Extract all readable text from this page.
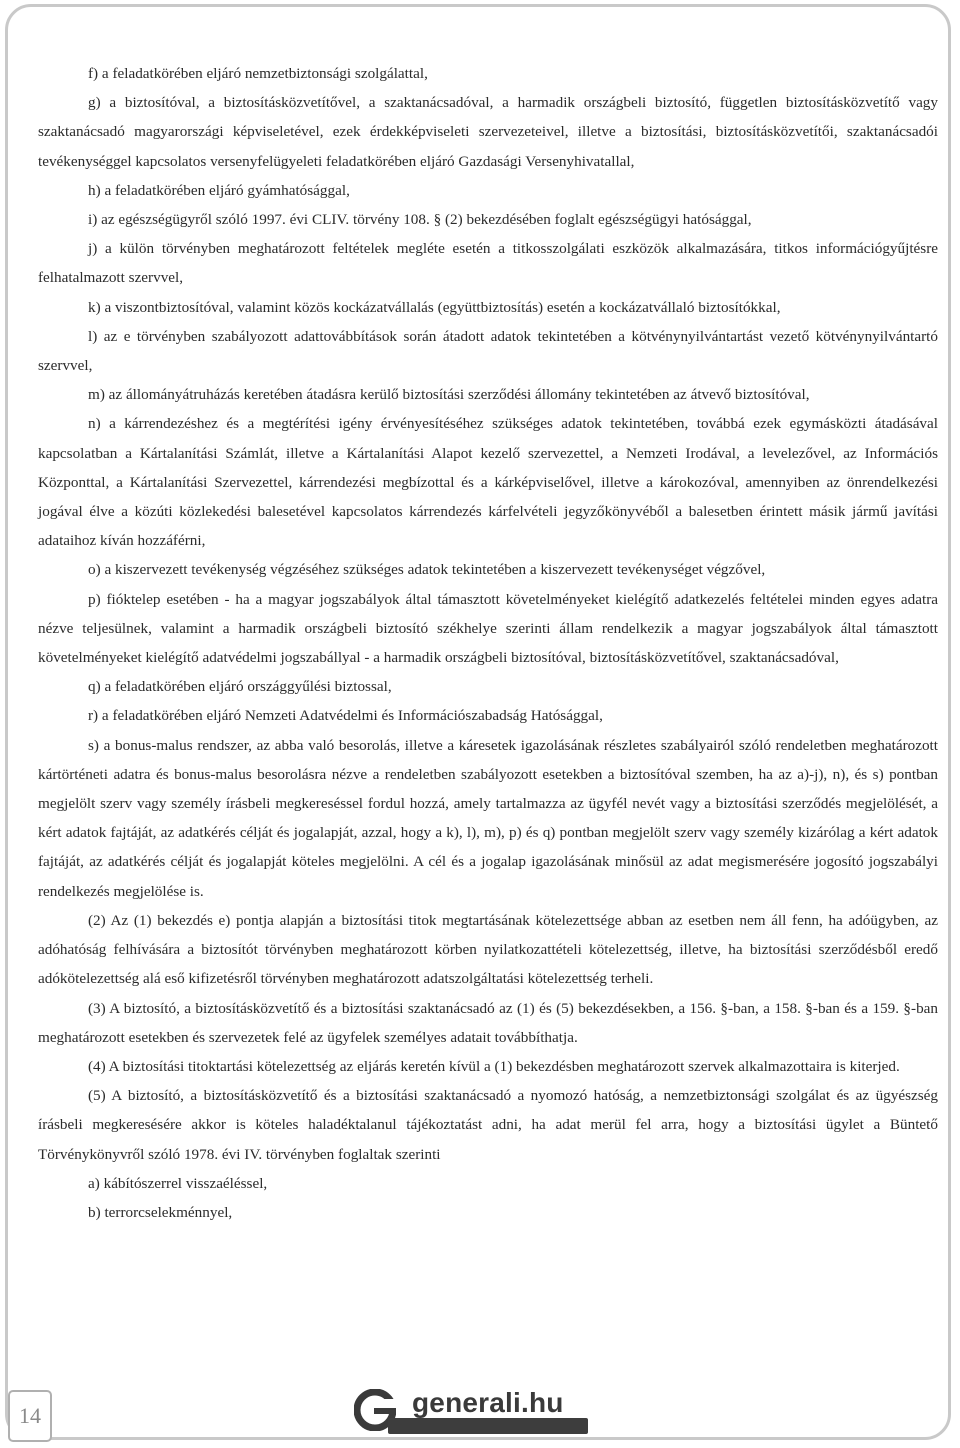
f) a feladatkörében eljáró nemzetbiztonsági szolgálattal,

g) a biztosítóval, a biztosításközvetítővel, a szaktanácsadóval, a harmadik országbeli biztosító, független biztosításközvetítő vagy szaktanácsadó magyarországi képviseletével, ezek érdekképviseleti szervezeteivel, illetve a biztosítási, biztosításközvetítői, szaktanácsadói tevékenységgel kapcsolatos versenyfelügyeleti feladatkörében eljáró Gazdasági Versenyhivatallal,

h) a feladatkörében eljáró gyámhatósággal,

i) az egészségügyről szóló 1997. évi CLIV. törvény 108. § (2) bekezdésében foglalt egészségügyi hatósággal,

j) a külön törvényben meghatározott feltételek megléte esetén a titkosszolgálati eszközök alkalmazására, titkos információgyűjtésre felhatalmazott szervvel,

k) a viszontbiztosítóval, valamint közös kockázatvállalás (együttbiztosítás) esetén a kockázatvállaló biztosítókkal,

l) az e törvényben szabályozott adattovábbítások során átadott adatok tekintetében a kötvénynyilvántartást vezető kötvénynyilvántartó szervvel,

m) az állományátruházás keretében átadásra kerülő biztosítási szerződési állomány tekintetében az átvevő biztosítóval,

n) a kárrendezéshez és a megtérítési igény érvényesítéséhez szükséges adatok tekintetében, továbbá ezek egymásközti átadásával kapcsolatban a Kártalanítási Számlát, illetve a Kártalanítási Alapot kezelő szervezettel, a Nemzeti Irodával, a levelezővel, az Információs Központtal, a Kártalanítási Szervezettel, kárrendezési megbízottal és a kárképviselővel, illetve a károkozóval, amennyiben az önrendelkezési jogával élve a közúti közlekedési balesetével kapcsolatos kárrendezés kárfelvételi jegyzőkönyvéből a balesetben érintett másik jármű javítási adataihoz kíván hozzáférni,

o) a kiszervezett tevékenység végzéséhez szükséges adatok tekintetében a kiszervezett tevékenységet végzővel,

p) fióktelep esetében - ha a magyar jogszabályok által támasztott követelményeket kielégítő adatkezelés feltételei minden egyes adatra nézve teljesülnek, valamint a harmadik országbeli biztosító székhelye szerinti állam rendelkezik a magyar jogszabályok által támasztott követelményeket kielégítő adatvédelmi jogszabállyal - a harmadik országbeli biztosítóval, biztosításközvetítővel, szaktanácsadóval,

q) a feladatkörében eljáró országgyűlési biztossal,

r) a feladatkörében eljáró Nemzeti Adatvédelmi és Információszabadság Hatósággal,

s) a bonus-malus rendszer, az abba való besorolás, illetve a káresetek igazolásának részletes szabályairól szóló rendeletben meghatározott kártörténeti adatra és bonus-malus besorolásra nézve a rendeletben szabályozott esetekben a biztosítóval szemben, ha az a)-j), n), és s) pontban megjelölt szerv vagy személy írásbeli megkereséssel fordul hozzá, amely tartalmazza az ügyfél nevét vagy a biztosítási szerződés megjelölését, a kért adatok fajtáját, az adatkérés célját és jogalapját, azzal, hogy a k), l), m), p) és q) pontban megjelölt szerv vagy személy kizárólag a kért adatok fajtáját, az adatkérés célját és jogalapját köteles megjelölni. A cél és a jogalap igazolásának minősül az adat megismerésére jogosító jogszabályi rendelkezés megjelölése is.

(2) Az (1) bekezdés e) pontja alapján a biztosítási titok megtartásának kötelezettsége abban az esetben nem áll fenn, ha adóügyben, az adóhatóság felhívására a biztosítót törvényben meghatározott körben nyilatkozattételi kötelezettség, illetve, ha biztosítási szerződésből eredő adókötelezettség alá eső kifizetésről törvényben meghatározott adatszolgáltatási kötelezettség terheli.

(3) A biztosító, a biztosításközvetítő és a biztosítási szaktanácsadó az (1) és (5) bekezdésekben, a 156. §-ban, a 158. §-ban és a 159. §-ban meghatározott esetekben és szervezetek felé az ügyfelek személyes adatait továbbíthatja.

(4) A biztosítási titoktartási kötelezettség az eljárás keretén kívül a (1) bekezdésben meghatározott szervek alkalmazottaira is kiterjed.

(5) A biztosító, a biztosításközvetítő és a biztosítási szaktanácsadó a nyomozó hatóság, a nemzetbiztonsági szolgálat és az ügyészség írásbeli megkeresésére akkor is köteles haladéktalanul tájékoztatást adni, ha adat merül fel arra, hogy a biztosítási ügylet a Büntető Törvénykönyvről szóló 1978. évi IV. törvényben foglaltak szerinti

a) kábítószerrel visszaéléssel,

b) terrorcselekménnyel,

14	generali.hu
